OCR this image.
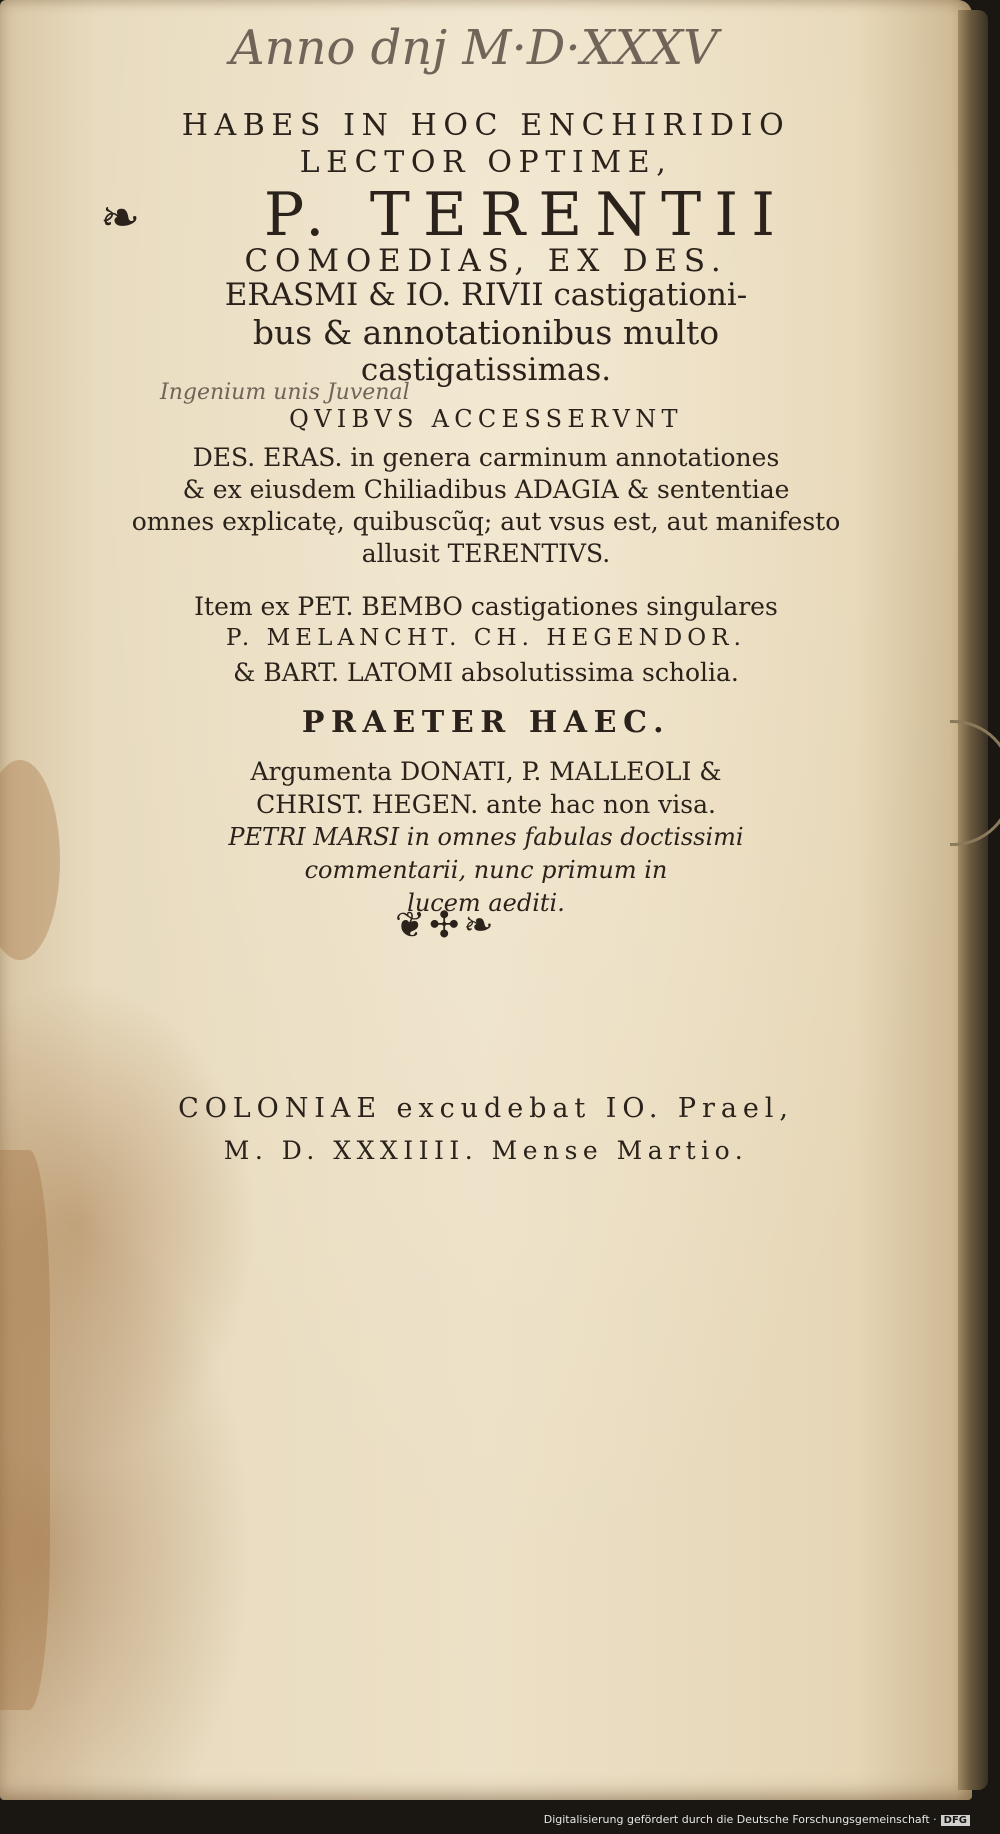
Anno dnj M·D·XXXV
HABES IN HOC ENCHIRIDIO
LECTOR OPTIME,
❧	P. TERENTII
COMOEDIAS, EX DES.
ERASMI & IO. RIVII castigationi-
bus & annotationibus multo
castigatissimas.
Ingenium unis Juvenal
QVIBVS ACCESSERVNT
DES. ERAS. in genera carminum annotationes
& ex eiusdem Chiliadibus ADAGIA & sententiae
omnes explicatę, quibuscũq; aut vsus est, aut manifesto
allusit TERENTIVS.
Item ex PET. BEMBO castigationes singulares
P. MELANCHT. CH. HEGENDOR.
& BART. LATOMI absolutissima scholia.
PRAETER HAEC.
Argumenta DONATI, P. MALLEOLI &
CHRIST. HEGEN. ante hac non visa.
PETRI MARSI in omnes fabulas doctissimi
commentarii, nunc primum in
lucem aediti.
❦✣❧
COLONIAE excudebat IO. Prael,
M. D. XXXIIII. Mense Martio.
Digitalisierung gefördert durch die Deutsche Forschungsgemeinschaft · DFG
